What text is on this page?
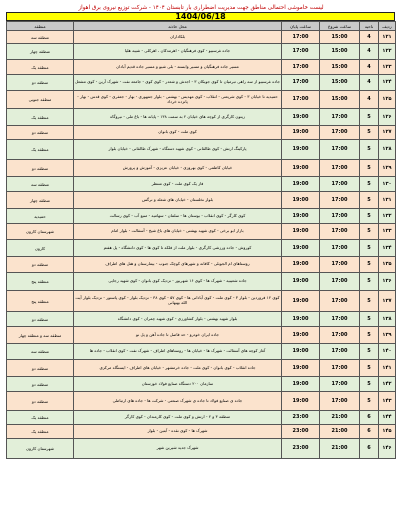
لیست خاموشی احتمالی مناطق جهت مدیریت اضطراری بار تابستان ۱۴۰۴ - شرکت توزیع نیروی برق اهواز
1404/06/18
ردیف	ناحیه	ساعت شروع	ساعت پایان	محل حادثه	منطقه
۱۲۱	4	15:00	17:00	بلکاداران	منطقه سه
۱۲۲	4	15:00	17:00	جاده غرسبیو - کوی فرهنگیان - اهرمدکان ، اهرکلی - شیبه هلیا	منطقه چهار
۱۲۳	4	15:00	17:00	مسیر جاده فرهنگیان و مسیر وابسته - بلی شیو و مسیر جاده قدیم آبادان	منطقه یک
۱۲۴	4	15:00	17:00	جاده غرسبیو از سه راهی تبرمیان تا کوی جوبکان ۳ - اجدش و شعدر - کوی کوی - جامعه نفت - شهرک آرین - کوی مشعل	منطقه دو
۱۲۵	4	15:00	17:00	حمیدیه تا خیابان ۳ - کوی شریعتی - انقلاب - کوی مهدیس - بهشتی - بلوار جمهوری - بهار - جعفری - کوی قدس - بهار - پانزده خرداد	منطقه جنوبی
۱۲۶	5	17:00	19:00	زیتون کارگری از کوچه های خیابان ۲ به سمت ۱۳۸ - پایانه ها - باغ ملی - نیروگاه	منطقه یک
۱۲۷	5	17:00	19:00	کوی ملت - کوی بانوان	منطقه دو
۱۲۸	5	17:00	19:00	پارکینگ ارتش - کوی طالقانی - کوی شهید دستگاه - شهرک طالقانی - خیابان بلوار	منطقه یک
۱۲۹	5	17:00	19:00	خیابان کاظمی - کوی بهروزی - خیابان عزیزی - آموزش و پرورش	منطقه دو
۱۳۰	5	17:00	19:00	فاز یک کوی ملت - کوی منتظر	منطقه سه
۱۳۱	5	17:00	19:00	بلوار نخلستان - خیابان های شعله و نرگس	منطقه چهار
۱۳۲	5	17:00	19:00	کوی کارگر - کوی انقلاب - بوستان ها - سلمان - سهامیه - منبع آب - کوی رسالت	حمیدیه
۱۳۳	5	17:00	19:00	بازار ابو برخی - کوی شهید بهشتی - خیابان های باغ شیخ - آسفالت - بلوار امام	شهرستان کارون
۱۳۴	5	17:00	19:00	کوروش - جاده ورزشی کارگری - بلوار ملت از فلکه تا کوی ها - کوی دانشگاه - پل هفتم	کارون
۱۳۵	5	17:00	19:00	روستاهای ام الجوبلی - کافانه و شهرهای کوچک جنوب - بیمارستان و هتل های اطراف	منطقه دو
۱۳۶	5	17:00	19:00	جاده شعیبیه - شهرک ها - کوی ۱۶ شهریور - نزدیک کوی بانوان - کوی شهید رجایی	منطقه پنج
۱۳۷	5	17:00	19:00	کوی ۱۲ فروردین - بلوار ۳ - کوی ملت - کوی آبادانی ها - کوی ۵۷ - کوی ۳۸ - نزدیک بلوار - کوی پاستور - نزدیک بلوار آیت الله بهبهانی	منطقه پنج
۱۳۸	5	17:00	19:00	بلوار شهید بهشتی - بلوار کشاورزی - کوی شهید چمران - کوی دانشگاه	منطقه دو
۱۳۹	5	17:00	19:00	جاده ایران خودرو - حد فاصل تا جاده آهن و پل نو	منطقه سه و منطقه چهار
۱۴۰	5	17:00	19:00	آغاز کوچه های آسفالت - شهرک ها - خیابان ها - روستاهای اطراف - شهرک نفت - کوی انقلاب - جاده ها	منطقه سه
۱۴۱	5	17:00	19:00	جاده انقلاب - کوی بانوان - کوی ملت - جاده خرمشهر - خیابان های اطراف - ایستگاه مرکزی	منطقه دو
۱۴۲	5	17:00	19:00	سازمان ۲۰۰ دستگاه صنایع فولاد خوزستان	منطقه دو
۱۴۳	5	17:00	19:00	جاده ی صنایع فولاد تا جاده ی شهرک صنعتی - شرکت ها - جاده های ارتباطی	منطقه دو
۱۴۴	6	21:00	23:00	منطقه ۳ و ۲ - ارتش و کوی ملت - کوی کارمندان - کوی کارگر	منطقه یک
۱۴۵	6	21:00	23:00	شهرک ها - کوی نقده - آبتین - بلوار	منطقه یک
۱۴۶	6	21:00	23:00	شهرک جدید شیرین شهر	شهرستان کارون
